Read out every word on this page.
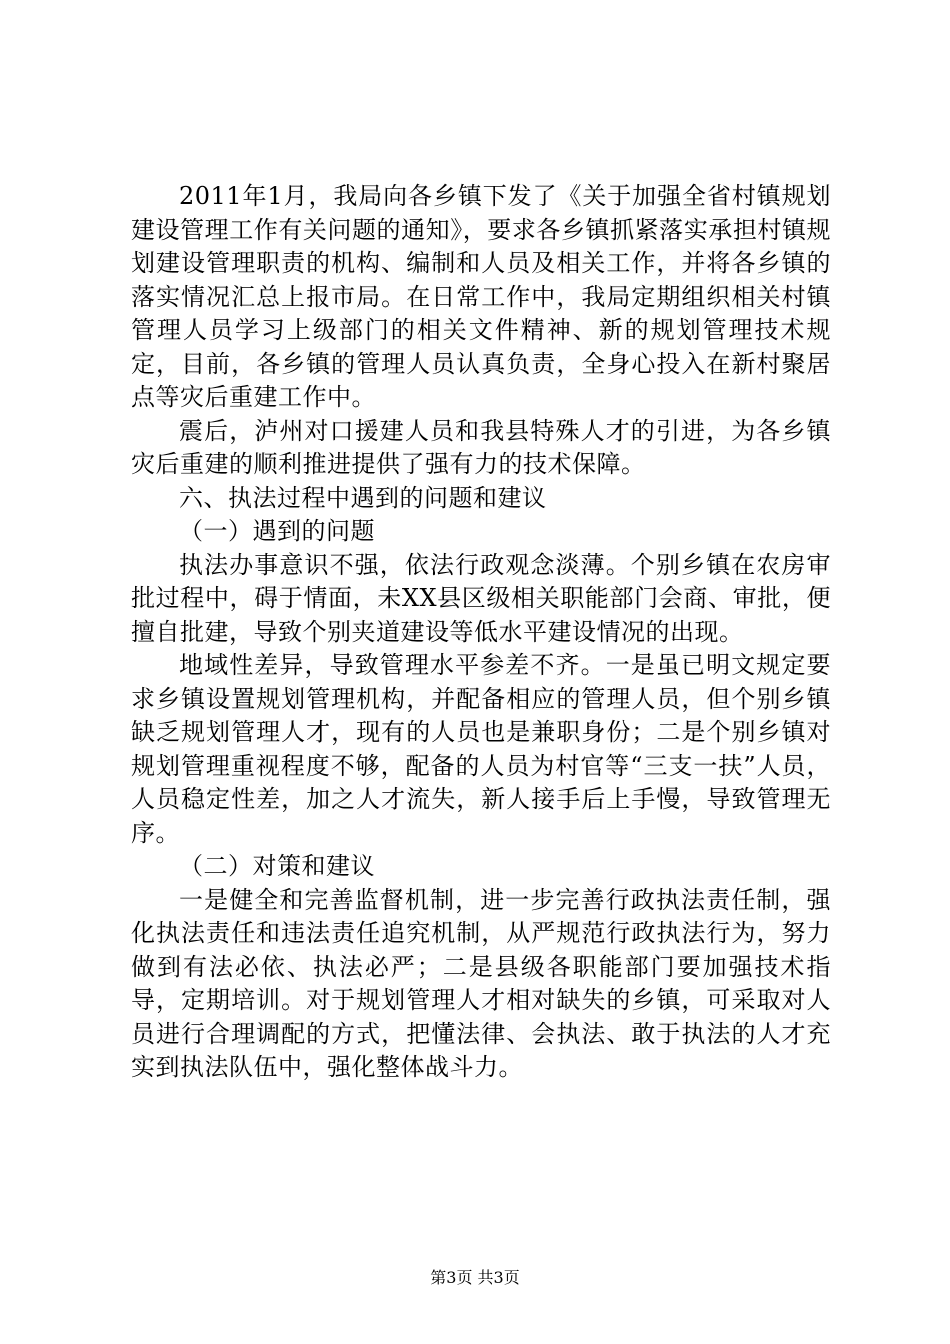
2011年1月，我局向各乡镇下发了《关于加强全省村镇规划建设管理工作有关问题的通知》，要求各乡镇抓紧落实承担村镇规划建设管理职责的机构、编制和人员及相关工作，并将各乡镇的落实情况汇总上报市局。在日常工作中，我局定期组织相关村镇管理人员学习上级部门的相关文件精神、新的规划管理技术规定，目前，各乡镇的管理人员认真负责，全身心投入在新村聚居点等灾后重建工作中。

震后，泸州对口援建人员和我县特殊人才的引进，为各乡镇灾后重建的顺利推进提供了强有力的技术保障。

六、执法过程中遇到的问题和建议

（一）遇到的问题

执法办事意识不强，依法行政观念淡薄。个别乡镇在农房审批过程中，碍于情面，未XX县区级相关职能部门会商、审批，便擅自批建，导致个别夹道建设等低水平建设情况的出现。

地域性差异，导致管理水平参差不齐。一是虽已明文规定要求乡镇设置规划管理机构，并配备相应的管理人员，但个别乡镇缺乏规划管理人才，现有的人员也是兼职身份；二是个别乡镇对规划管理重视程度不够，配备的人员为村官等“三支一扶”人员，人员稳定性差，加之人才流失，新人接手后上手慢，导致管理无序。

（二）对策和建议

一是健全和完善监督机制，进一步完善行政执法责任制，强化执法责任和违法责任追究机制，从严规范行政执法行为，努力做到有法必依、执法必严；二是县级各职能部门要加强技术指导，定期培训。对于规划管理人才相对缺失的乡镇，可采取对人员进行合理调配的方式，把懂法律、会执法、敢于执法的人才充实到执法队伍中，强化整体战斗力。

第3页 共3页
